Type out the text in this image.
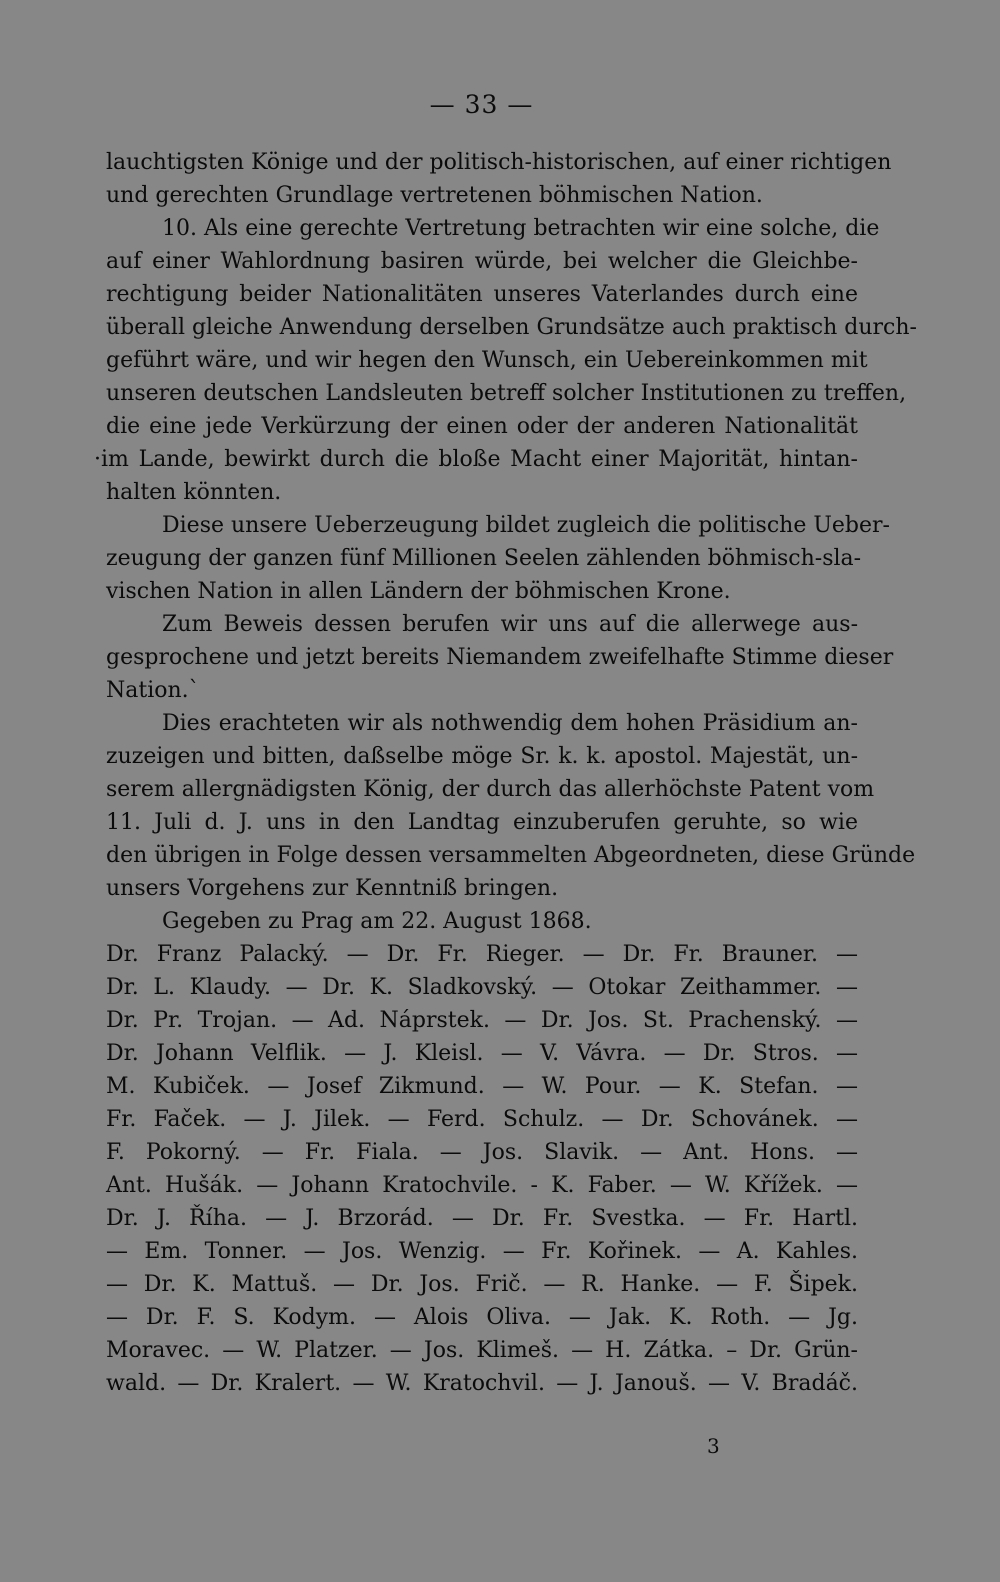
— 33 —
lauchtigsten Könige und der politisch-historischen, auf einer richtigen
und gerechten Grundlage vertretenen böhmischen Nation.
10. Als eine gerechte Vertretung betrachten wir eine solche, die
auf einer Wahlordnung basiren würde, bei welcher die Gleichbe-
rechtigung beider Nationalitäten unseres Vaterlandes durch eine
überall gleiche Anwendung derselben Grundsätze auch praktisch durch-
geführt wäre, und wir hegen den Wunsch, ein Uebereinkommen mit
unseren deutschen Landsleuten betreff solcher Institutionen zu treffen,
die eine jede Verkürzung der einen oder der anderen Nationalität
·im Lande, bewirkt durch die bloße Macht einer Majorität, hintan-
halten könnten.
Diese unsere Ueberzeugung bildet zugleich die politische Ueber-
zeugung der ganzen fünf Millionen Seelen zählenden böhmisch-sla-
vischen Nation in allen Ländern der böhmischen Krone.
Zum Beweis dessen berufen wir uns auf die allerwege aus-
gesprochene und jetzt bereits Niemandem zweifelhafte Stimme dieser
Nation.`
Dies erachteten wir als nothwendig dem hohen Präsidium an-
zuzeigen und bitten, daßselbe möge Sr. k. k. apostol. Majestät, un-
serem allergnädigsten König, der durch das allerhöchste Patent vom
11. Juli d. J. uns in den Landtag einzuberufen geruhte, so wie
den übrigen in Folge dessen versammelten Abgeordneten, diese Gründe
unsers Vorgehens zur Kenntniß bringen.
Gegeben zu Prag am 22. August 1868.
Dr. Franz Palacký. — Dr. Fr. Rieger. — Dr. Fr. Brauner. —
Dr. L. Klaudy. — Dr. K. Sladkovský. — Otokar Zeithammer. —
Dr. Pr. Trojan. — Ad. Náprstek. — Dr. Jos. St. Prachenský. —
Dr. Johann Velflik. — J. Kleisl. — V. Vávra. — Dr. Stros. —
M. Kubiček. — Josef Zikmund. — W. Pour. — K. Stefan. —
Fr. Faček. — J. Jilek. — Ferd. Schulz. — Dr. Schovánek. —
F. Pokorný. — Fr. Fiala. — Jos. Slavik. — Ant. Hons. —
Ant. Hušák. — Johann Kratochvile. - K. Faber. — W. Křížek. —
Dr. J. Říha. — J. Brzorád. — Dr. Fr. Svestka. — Fr. Hartl.
— Em. Tonner. — Jos. Wenzig. — Fr. Kořinek. — A. Kahles.
— Dr. K. Mattuš. — Dr. Jos. Frič. — R. Hanke. — F. Šipek.
— Dr. F. S. Kodym. — Alois Oliva. — Jak. K. Roth. — Jg.
Moravec. — W. Platzer. — Jos. Klimeš. — H. Zátka. – Dr. Grün-
wald. — Dr. Kralert. — W. Kratochvil. — J. Janouš. — V. Bradáč.
3
